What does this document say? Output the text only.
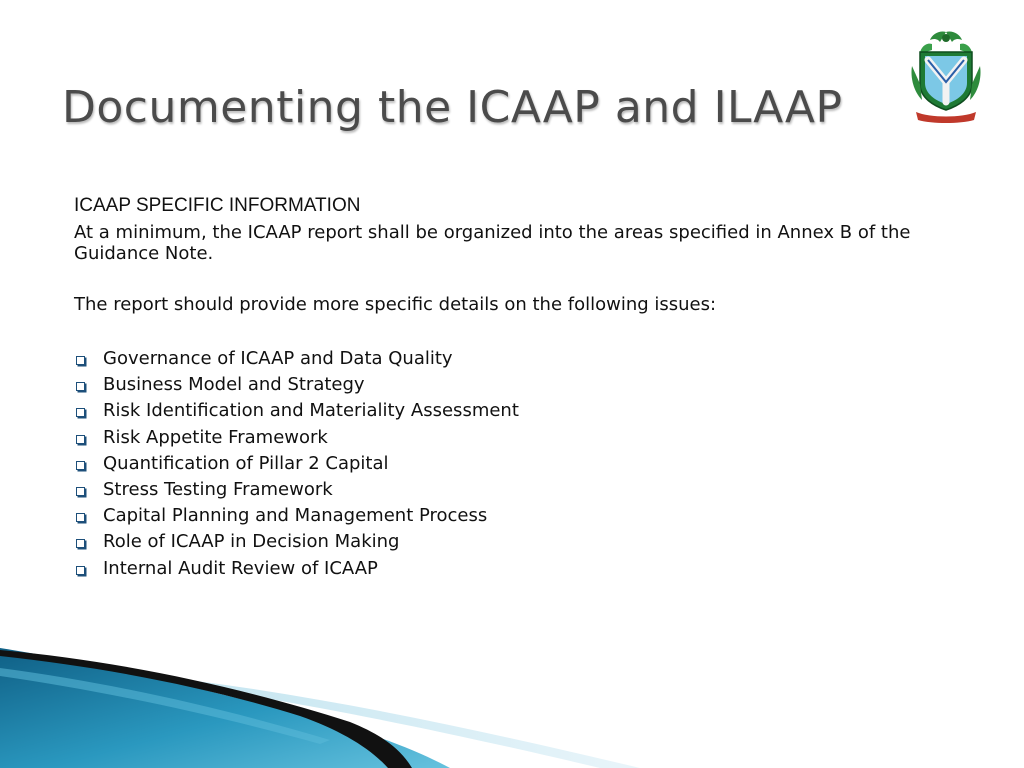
Documenting the ICAAP and ILAAP
ICAAP SPECIFIC INFORMATION

At a minimum, the ICAAP report shall be organized into the areas specified in Annex B of the Guidance Note.

The report should provide more specific details on the following issues:

Governance of ICAAP and Data Quality
Business Model and Strategy
Risk Identification and Materiality Assessment
Risk Appetite Framework
Quantification of Pillar 2 Capital
Stress Testing Framework
Capital Planning and Management Process
Role of ICAAP in Decision Making
Internal Audit Review of ICAAP
